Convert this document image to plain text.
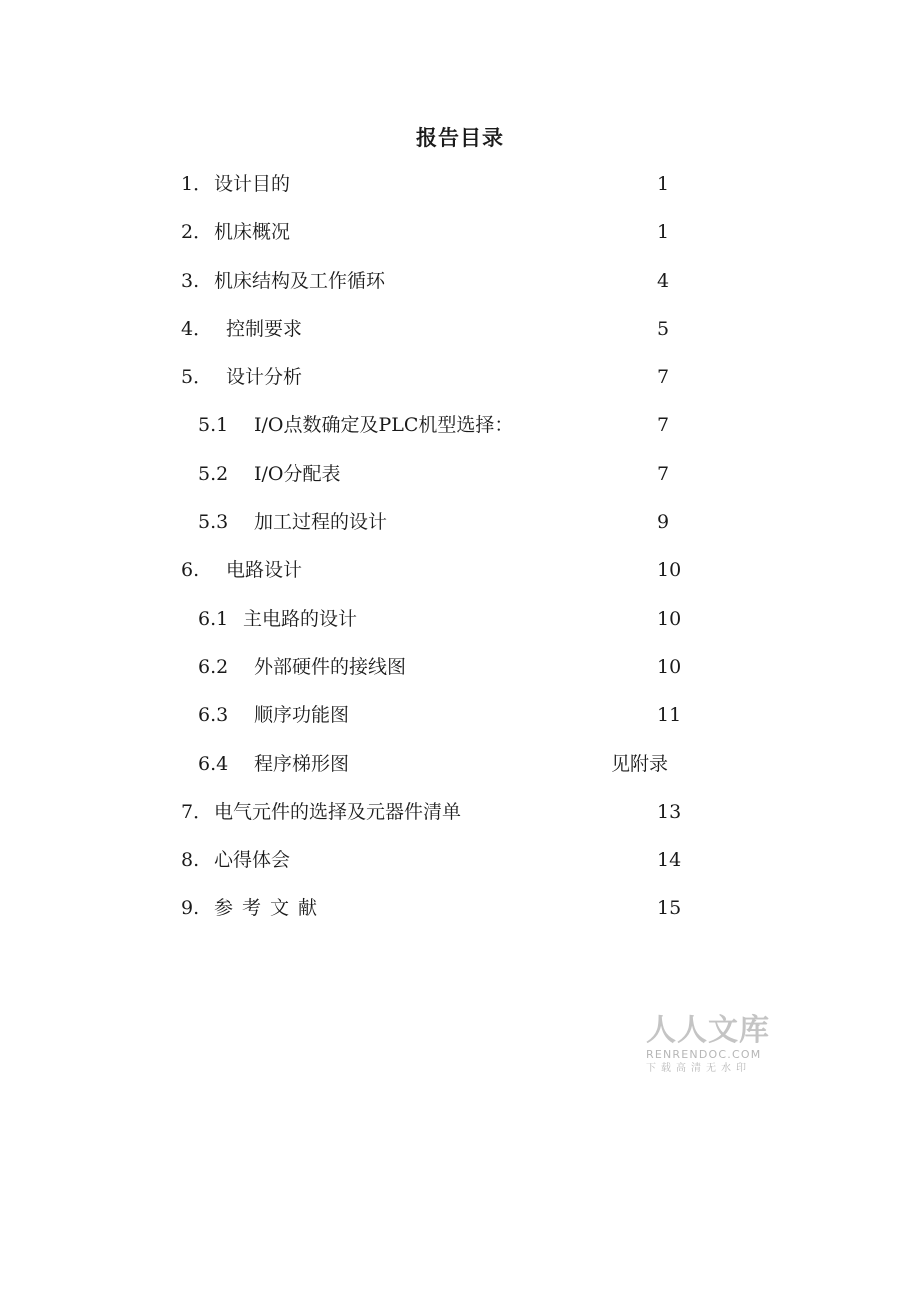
报告目录
1． 设计目的	1
2． 机床概况	1
3. 机床结构及工作循环	4
4． 控制要求	5
5． 设计分析	7
5.1 I/O点数确定及PLC机型选择：	7
5.2 I/O分配表	7
5.3 加工过程的设计	9
6. 电路设计	10
6.1 主电路的设计	10
6.2 外部硬件的接线图	10
6.3 顺序功能图	11
6.4 程序梯形图	见附录
7． 电气元件的选择及元器件清单	13
8. 心得体会	14
9. 参考文献	15
人人文库
RENRENDOC.COM
下载高清无水印
